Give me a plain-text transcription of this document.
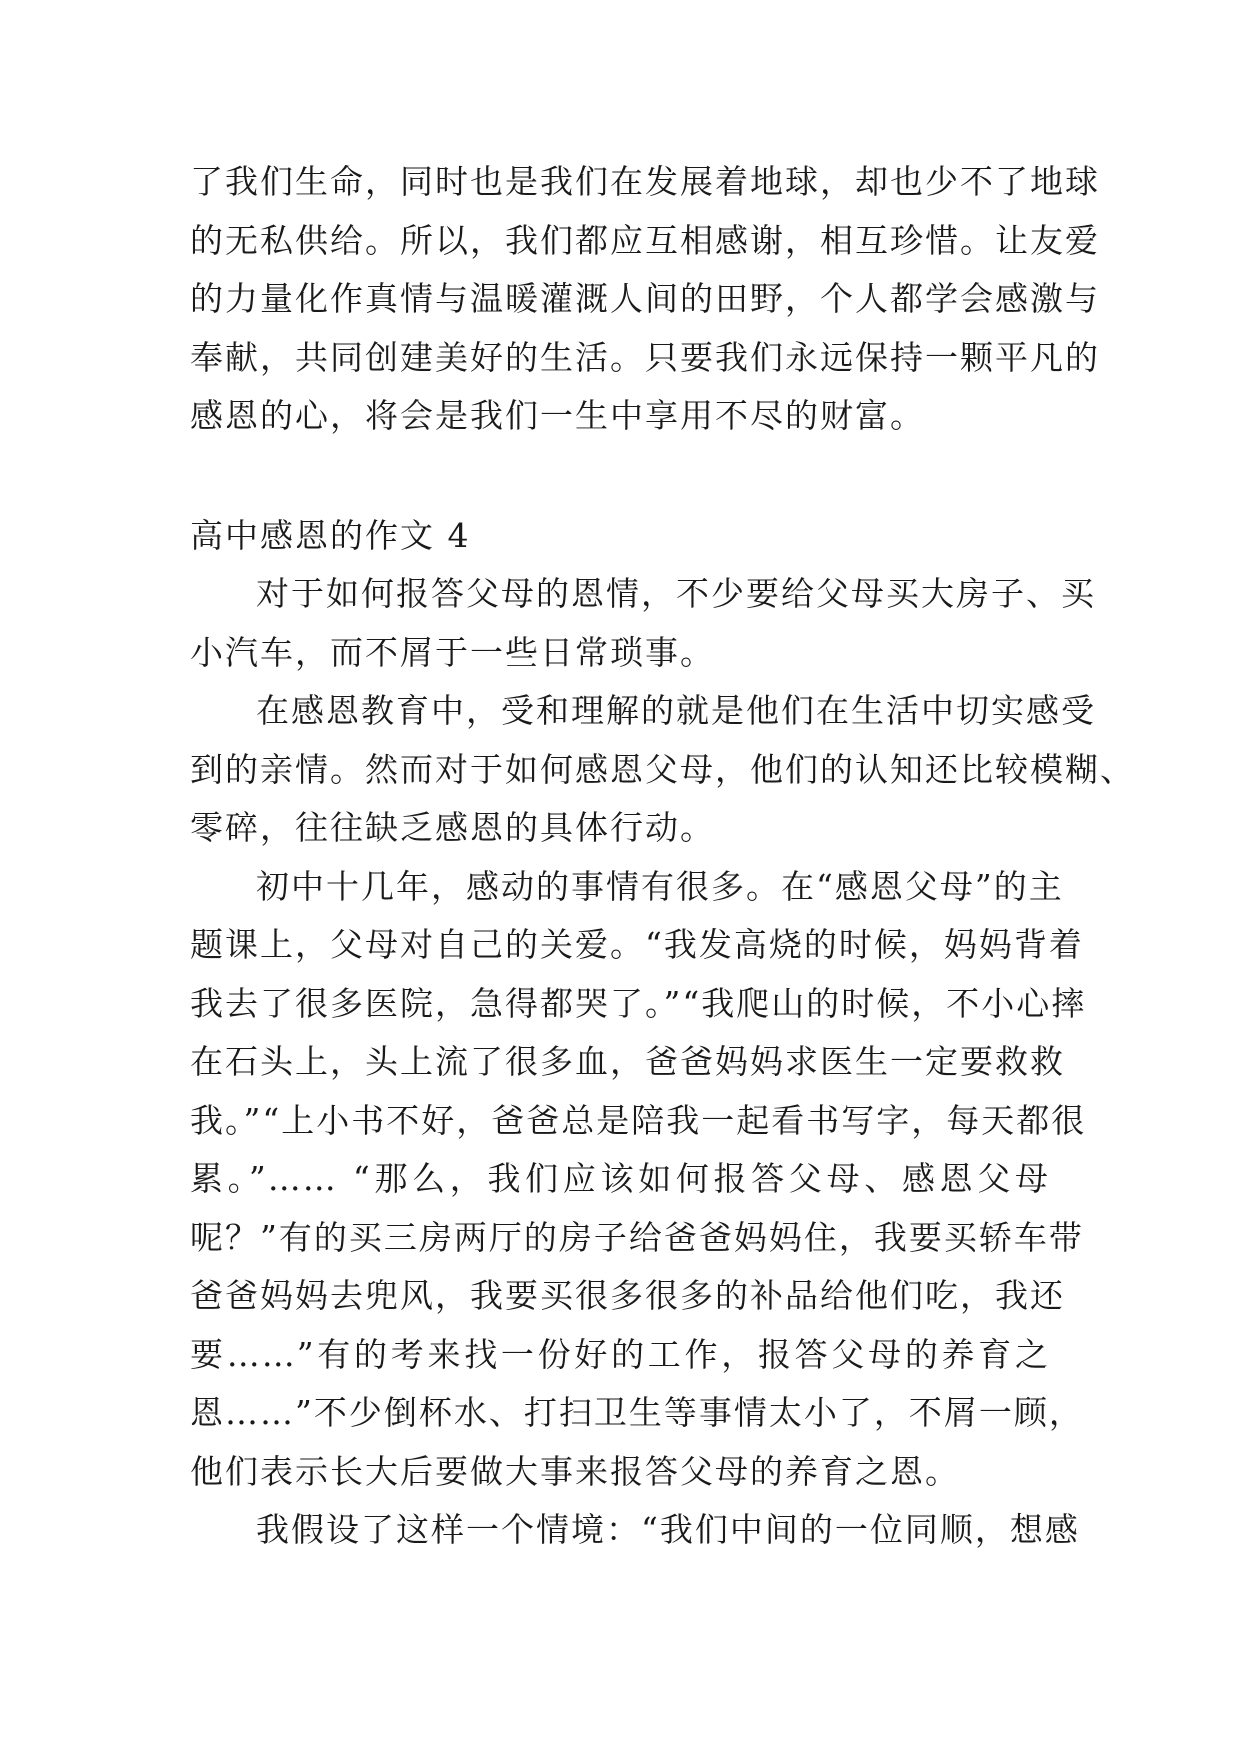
了我们生命，同时也是我们在发展着地球，却也少不了地球
的无私供给。所以，我们都应互相感谢，相互珍惜。让友爱
的力量化作真情与温暖灌溉人间的田野，个人都学会感激与
奉献，共同创建美好的生活。只要我们永远保持一颗平凡的
感恩的心，将会是我们一生中享用不尽的财富。
高中感恩的作文 4
对于如何报答父母的恩情，不少要给父母买大房子、买
小汽车，而不屑于一些日常琐事。
在感恩教育中，受和理解的就是他们在生活中切实感受
到的亲情。然而对于如何感恩父母，他们的认知还比较模糊、
零碎，往往缺乏感恩的具体行动。
初中十几年，感动的事情有很多。在“感恩父母”的主
题课上，父母对自己的关爱。“我发高烧的时候，妈妈背着
我去了很多医院，急得都哭了。”“我爬山的时候，不小心摔
在石头上，头上流了很多血，爸爸妈妈求医生一定要救救
我。”“上小书不好，爸爸总是陪我一起看书写字，每天都很
累。”…… “那么，我们应该如何报答父母、感恩父母
呢？”有的买三房两厅的房子给爸爸妈妈住，我要买轿车带
爸爸妈妈去兜风，我要买很多很多的补品给他们吃，我还
要……”有的考来找一份好的工作，报答父母的养育之
恩……”不少倒杯水、打扫卫生等事情太小了，不屑一顾，
他们表示长大后要做大事来报答父母的养育之恩。
我假设了这样一个情境：“我们中间的一位同顺，想感
